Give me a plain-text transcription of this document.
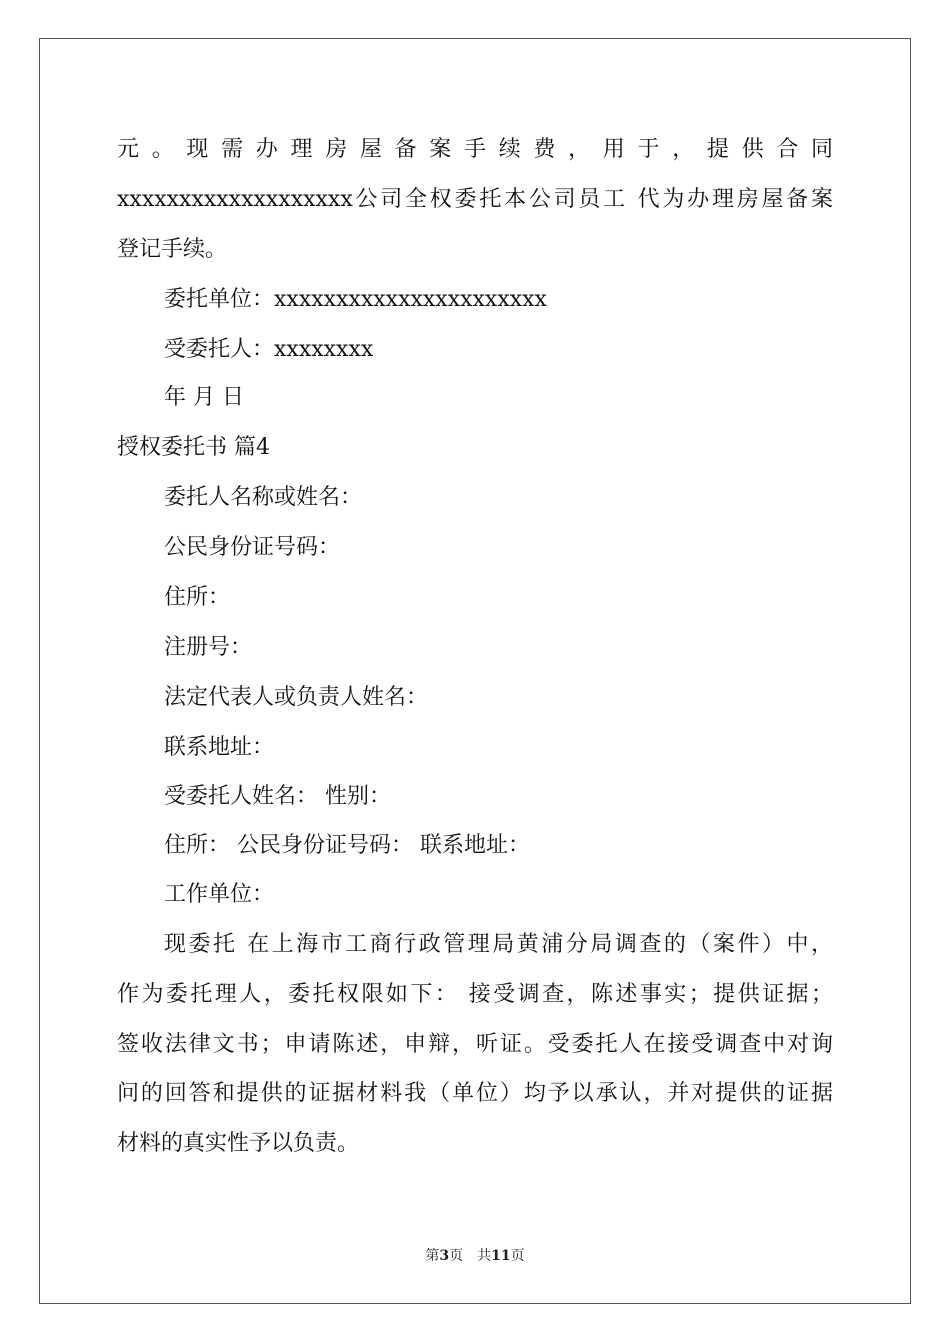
元。现需办理房屋备案手续费，用于，提供合同
xxxxxxxxxxxxxxxxxxx公司全权委托本公司员工 代为办理房屋备案
登记手续。
委托单位：xxxxxxxxxxxxxxxxxxxxxx
受委托人：xxxxxxxx
年 月 日
授权委托书 篇4
委托人名称或姓名：
公民身份证号码：
住所：
注册号：
法定代表人或负责人姓名：
联系地址：
受委托人姓名： 性别：
住所： 公民身份证号码： 联系地址：
工作单位：
现委托 在上海市工商行政管理局黄浦分局调查的（案件）中，
作为委托理人，委托权限如下： 接受调查，陈述事实；提供证据；
签收法律文书；申请陈述，申辩，听证。受委托人在接受调查中对询
问的回答和提供的证据材料我（单位）均予以承认，并对提供的证据
材料的真实性予以负责。
第3页　共11页
